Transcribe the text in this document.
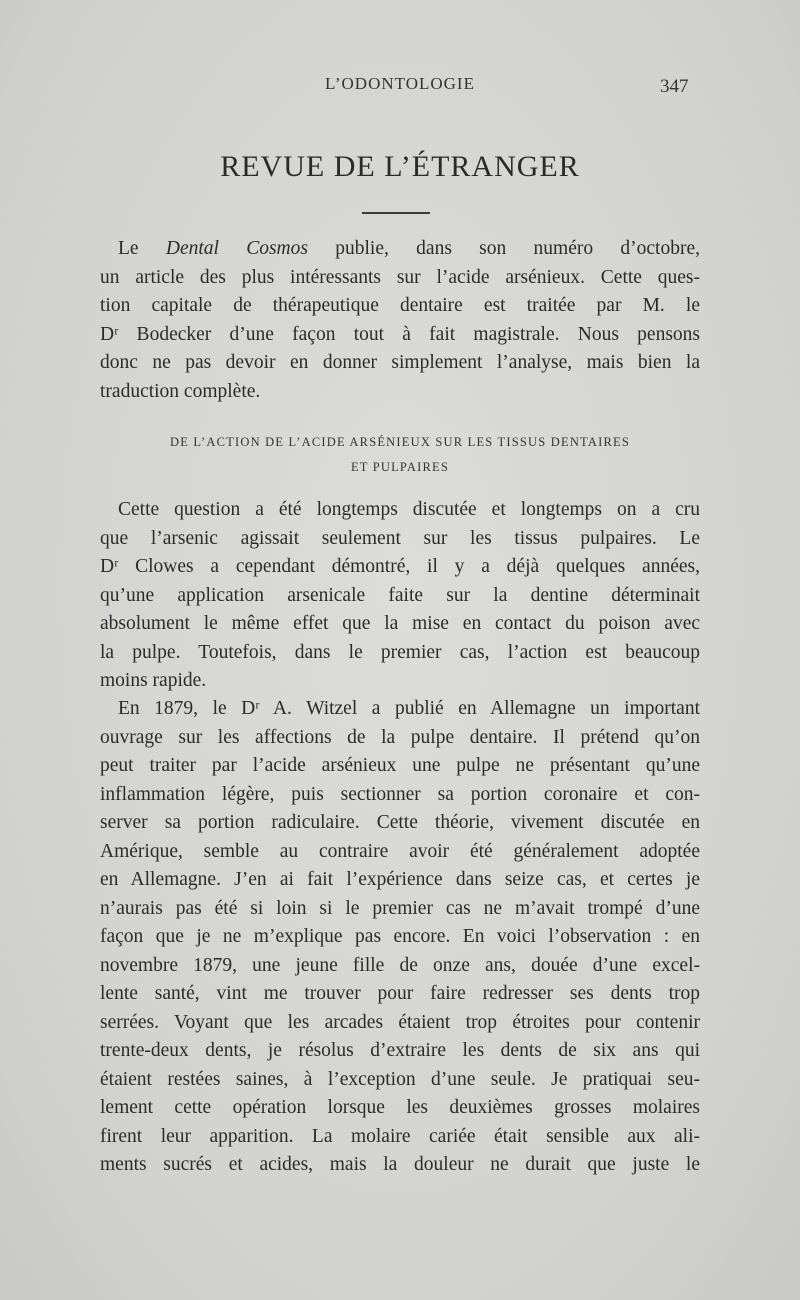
L’ODONTOLOGIE	347
REVUE DE L’ÉTRANGER
Le Dental Cosmos publie, dans son numéro d’octobre,
un article des plus intéressants sur l’acide arsénieux. Cette ques-
tion capitale de thérapeutique dentaire est traitée par M. le
Dʳ Bodecker d’une façon tout à fait magistrale. Nous pensons
donc ne pas devoir en donner simplement l’analyse, mais bien la
traduction complète.
DE L’ACTION DE L’ACIDE ARSÉNIEUX SUR LES TISSUS DENTAIRES
ET PULPAIRES
Cette question a été longtemps discutée et longtemps on a cru
que l’arsenic agissait seulement sur les tissus pulpaires. Le
Dʳ Clowes a cependant démontré, il y a déjà quelques années,
qu’une application arsenicale faite sur la dentine déterminait
absolument le même effet que la mise en contact du poison avec
la pulpe. Toutefois, dans le premier cas, l’action est beaucoup
moins rapide.
En 1879, le Dʳ A. Witzel a publié en Allemagne un important
ouvrage sur les affections de la pulpe dentaire. Il prétend qu’on
peut traiter par l’acide arsénieux une pulpe ne présentant qu’une
inflammation légère, puis sectionner sa portion coronaire et con-
server sa portion radiculaire. Cette théorie, vivement discutée en
Amérique, semble au contraire avoir été généralement adoptée
en Allemagne. J’en ai fait l’expérience dans seize cas, et certes je
n’aurais pas été si loin si le premier cas ne m’avait trompé d’une
façon que je ne m’explique pas encore. En voici l’observation : en
novembre 1879, une jeune fille de onze ans, douée d’une excel-
lente santé, vint me trouver pour faire redresser ses dents trop
serrées. Voyant que les arcades étaient trop étroites pour contenir
trente-deux dents, je résolus d’extraire les dents de six ans qui
étaient restées saines, à l’exception d’une seule. Je pratiquai seu-
lement cette opération lorsque les deuxièmes grosses molaires
firent leur apparition. La molaire cariée était sensible aux ali-
ments sucrés et acides, mais la douleur ne durait que juste le
